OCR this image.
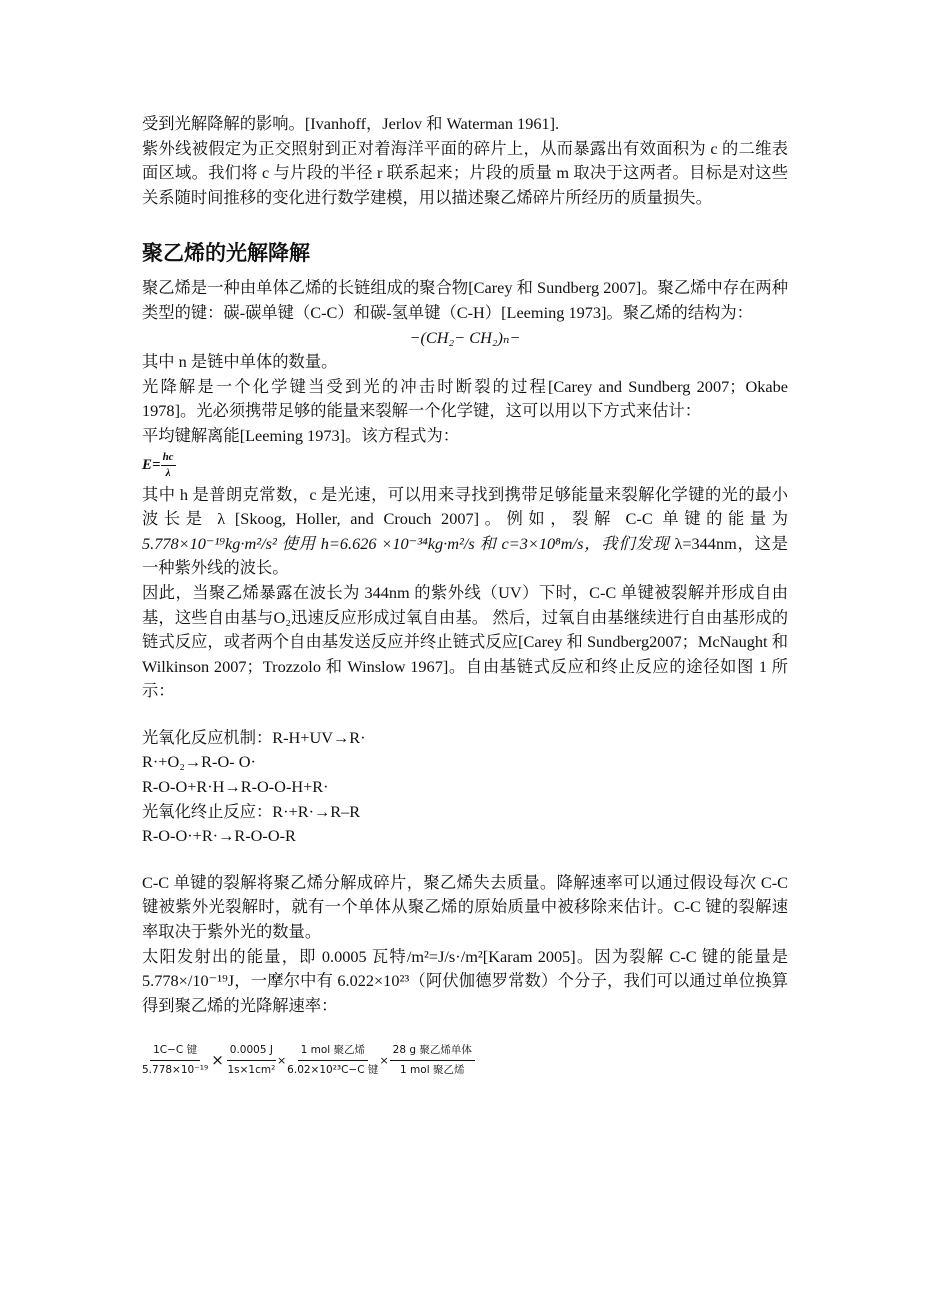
受到光解降解的影响。[Ivanhoff，Jerlov 和 Waterman 1961].

紫外线被假定为正交照射到正对着海洋平面的碎片上，从而暴露出有效面积为 c 的二维表面区域。我们将 c 与片段的半径 r 联系起来；片段的质量 m 取决于这两者。目标是对这些关系随时间推移的变化进行数学建模，用以描述聚乙烯碎片所经历的质量损失。

聚乙烯的光解降解

聚乙烯是一种由单体乙烯的长链组成的聚合物[Carey 和 Sundberg 2007]。聚乙烯中存在两种类型的键：碳-碳单键（C-C）和碳-氢单键（C-H）[Leeming 1973]。聚乙烯的结构为：

−(CH₂− CH₂)ₙ−

其中 n 是链中单体的数量。

光降解是一个化学键当受到光的冲击时断裂的过程[Carey and Sundberg 2007；Okabe 1978]。光必须携带足够的能量来裂解一个化学键，这可以用以下方式来估计：

平均键解离能[Leeming 1973]。该方程式为：

$E= \frac{hc}{\lambda}$

其中 h 是普朗克常数，c 是光速，可以用来寻找到携带足够能量来裂解化学键的光的最小波长是 λ [Skoog, Holler, and Crouch 2007]。例如，裂解 C-C 单键的能量为 5.778×10⁻¹⁹kg·m²/s² 使用 h=6.626 ×10⁻³⁴kg·m²/s 和 c=3×10⁸m/s，我们发现 λ=344nm，这是一种紫外线的波长。

因此，当聚乙烯暴露在波长为 344nm 的紫外线（UV）下时，C-C 单键被裂解并形成自由基，这些自由基与O₂迅速反应形成过氧自由基。 然后，过氧自由基继续进行自由基形成的链式反应，或者两个自由基发送反应并终止链式反应[Carey 和 Sundberg2007；McNaught 和 Wilkinson 2007；Trozzolo 和 Winslow 1967]。自由基链式反应和终止反应的途径如图 1 所示：

光氧化反应机制：R-H+UV→R·

R·+O₂→R-O- O·

R-O-O+R·H→R-O-O-H+R·

光氧化终止反应：R·+R·→R–R

R-O-O·+R·→R-O-O-R

C-C 单键的裂解将聚乙烯分解成碎片，聚乙烯失去质量。降解速率可以通过假设每次 C-C 键被紫外光裂解时，就有一个单体从聚乙烯的原始质量中被移除来估计。C-C 键的裂解速率取决于紫外光的数量。

太阳发射出的能量，即 0.0005 瓦特/m²=J/s·/m²[Karam 2005]。因为裂解 C-C 键的能量是 5.778×/10⁻¹⁹J，一摩尔中有 6.022×10²³（阿伏伽德罗常数）个分子，我们可以通过单位换算得到聚乙烯的光降解速率：

$\frac{\text{1C−C 键}}{\text{5.778×10⁻¹⁹}} \times \frac{0.0005 J}{\text{1s×1cm²}} \times \frac{\text{1 mol 聚乙烯}}{\text{6.02×10²³C−C 键}} \times \frac{\text{28 g 聚乙烯单体}}{\text{1 mol 聚乙烯}}$
